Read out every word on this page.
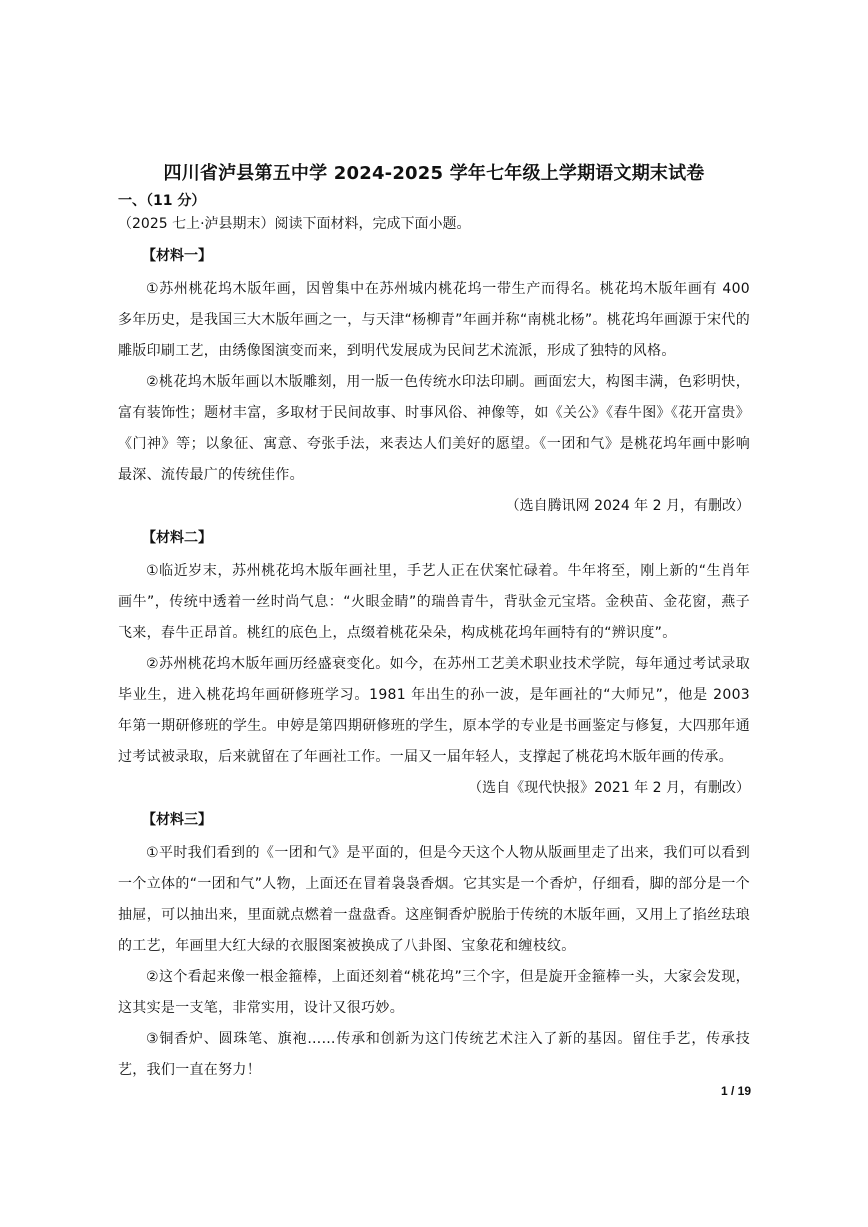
四川省泸县第五中学 2024-2025 学年七年级上学期语文期末试卷

一、（11 分）

（2025 七上·泸县期末）阅读下面材料，完成下面小题。

【材料一】

①苏州桃花坞木版年画，因曾集中在苏州城内桃花坞一带生产而得名。桃花坞木版年画有 400 多年历史，是我国三大木版年画之一，与天津“杨柳青”年画并称“南桃北杨”。桃花坞年画源于宋代的雕版印刷工艺，由绣像图演变而来，到明代发展成为民间艺术流派，形成了独特的风格。

②桃花坞木版年画以木版雕刻，用一版一色传统水印法印刷。画面宏大，构图丰满，色彩明快，富有装饰性；题材丰富，多取材于民间故事、时事风俗、神像等，如《关公》《春牛图》《花开富贵》《门神》等；以象征、寓意、夸张手法，来表达人们美好的愿望。《一团和气》是桃花坞年画中影响最深、流传最广的传统佳作。

（选自腾讯网 2024 年 2 月，有删改）

【材料二】

①临近岁末，苏州桃花坞木版年画社里，手艺人正在伏案忙碌着。牛年将至，刚上新的“生肖年画牛”，传统中透着一丝时尚气息：“火眼金睛”的瑞兽青牛，背驮金元宝塔。金秧苗、金花窗，燕子飞来，春牛正昂首。桃红的底色上，点缀着桃花朵朵，构成桃花坞年画特有的“辨识度”。

②苏州桃花坞木版年画历经盛衰变化。如今，在苏州工艺美术职业技术学院，每年通过考试录取毕业生，进入桃花坞年画研修班学习。1981 年出生的孙一波，是年画社的“大师兄”，他是 2003 年第一期研修班的学生。申婷是第四期研修班的学生，原本学的专业是书画鉴定与修复，大四那年通过考试被录取，后来就留在了年画社工作。一届又一届年轻人，支撑起了桃花坞木版年画的传承。

（选自《现代快报》2021 年 2 月，有删改）

【材料三】

①平时我们看到的《一团和气》是平面的，但是今天这个人物从版画里走了出来，我们可以看到一个立体的“一团和气”人物，上面还在冒着袅袅香烟。它其实是一个香炉，仔细看，脚的部分是一个抽屉，可以抽出来，里面就点燃着一盘盘香。这座铜香炉脱胎于传统的木版年画，又用上了掐丝珐琅的工艺，年画里大红大绿的衣服图案被换成了八卦图、宝象花和缠枝纹。

②这个看起来像一根金箍棒，上面还刻着“桃花坞”三个字，但是旋开金箍棒一头，大家会发现，这其实是一支笔，非常实用，设计又很巧妙。

③铜香炉、圆珠笔、旗袍……传承和创新为这门传统艺术注入了新的基因。留住手艺，传承技艺，我们一直在努力！

1 / 19
